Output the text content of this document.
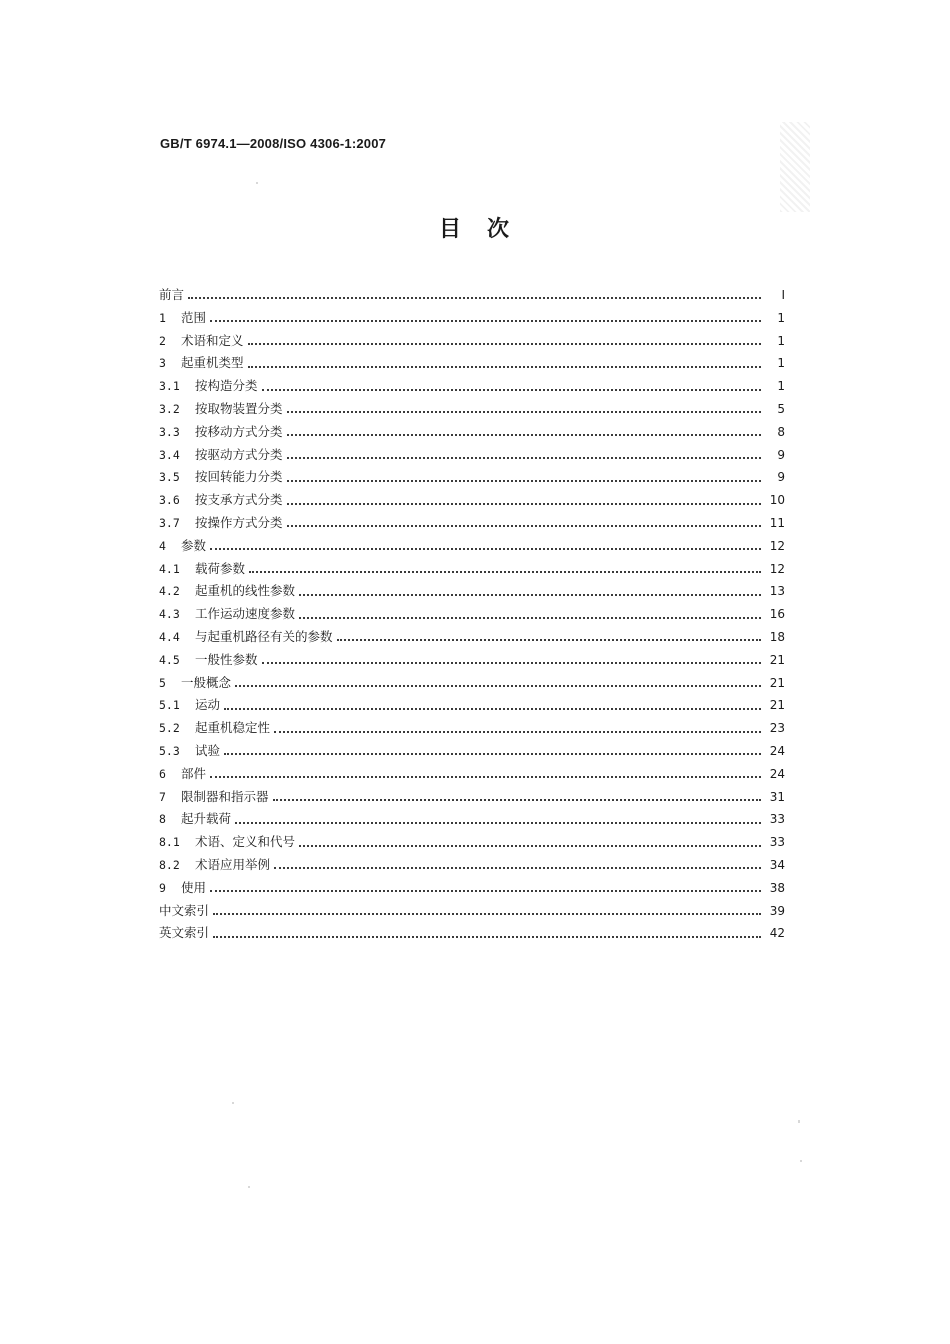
GB/T 6974.1—2008/ISO 4306-1:2007
目　次
前言	Ⅰ
1	范围	1
2	术语和定义	1
3	起重机类型	1
3.1	按构造分类	1
3.2	按取物装置分类	5
3.3	按移动方式分类	8
3.4	按驱动方式分类	9
3.5	按回转能力分类	9
3.6	按支承方式分类	10
3.7	按操作方式分类	11
4	参数	12
4.1	载荷参数	12
4.2	起重机的线性参数	13
4.3	工作运动速度参数	16
4.4	与起重机路径有关的参数	18
4.5	一般性参数	21
5	一般概念	21
5.1	运动	21
5.2	起重机稳定性	23
5.3	试验	24
6	部件	24
7	限制器和指示器	31
8	起升载荷	33
8.1	术语、定义和代号	33
8.2	术语应用举例	34
9	使用	38
中文索引	39
英文索引	42
